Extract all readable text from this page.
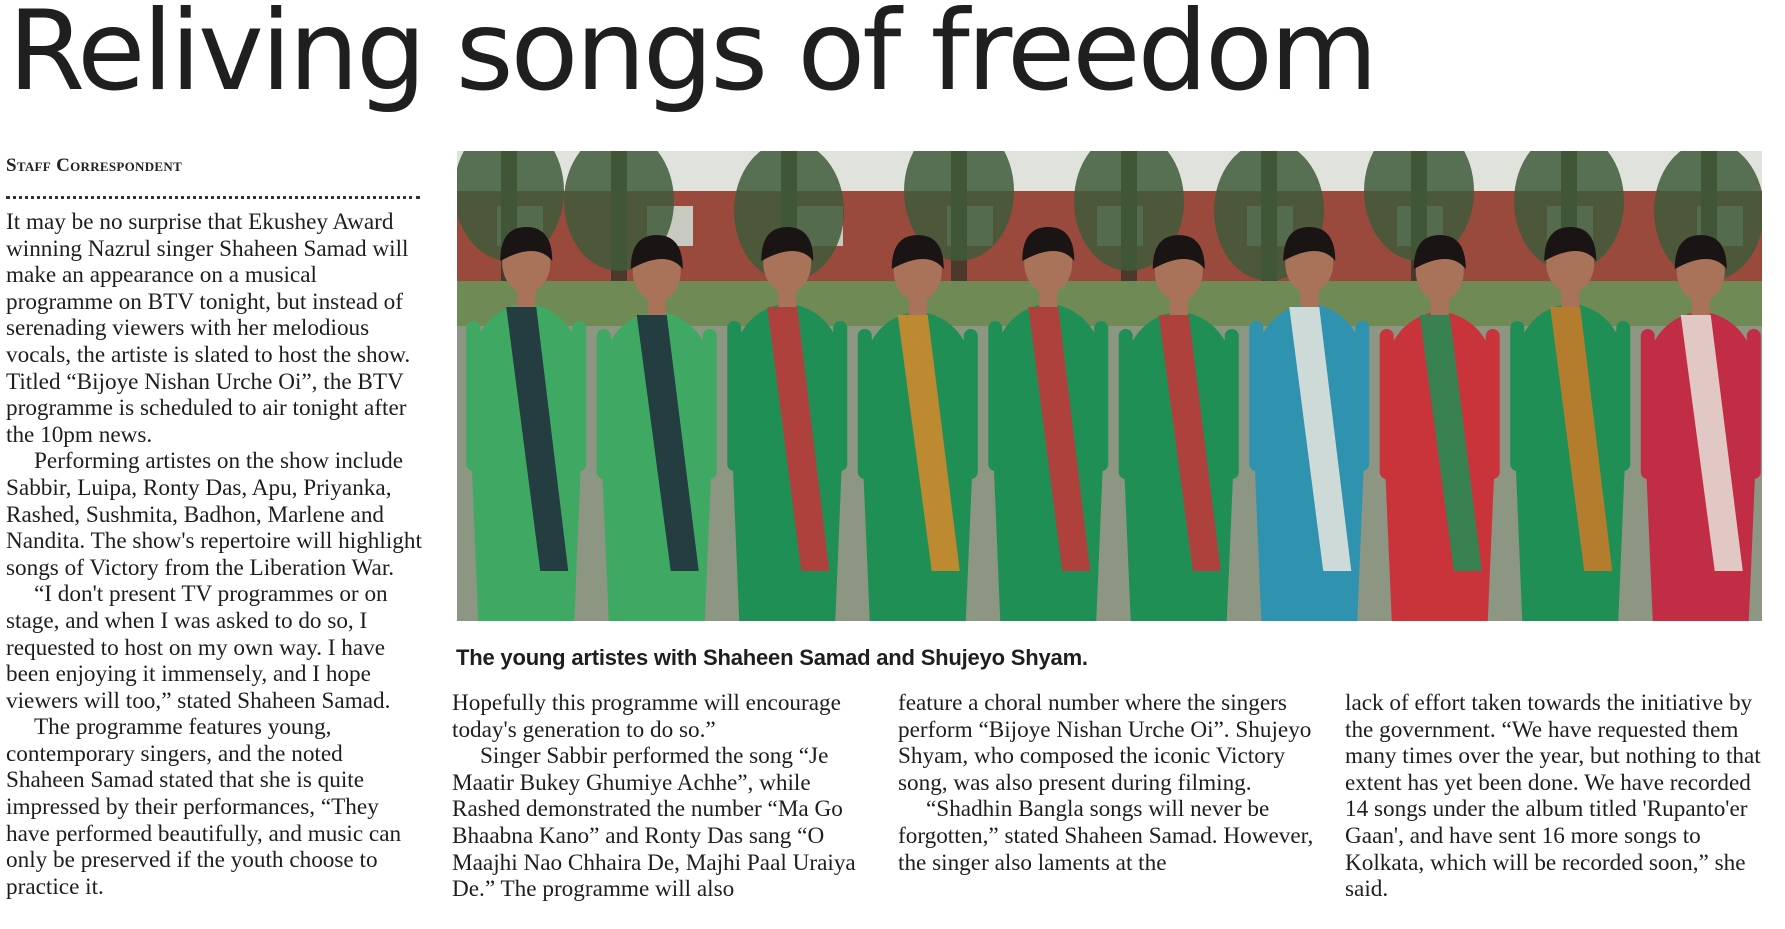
Reliving songs of freedom
Staff Correspondent

It may be no surprise that Ekushey Award winning Nazrul singer Shaheen Samad will make an appearance on a musical programme on BTV tonight, but instead of serenading viewers with her melodious vocals, the artiste is slated to host the show. Titled “Bijoye Nishan Urche Oi”, the BTV programme is scheduled to air tonight after the 10pm news.

Performing artistes on the show include Sabbir, Luipa, Ronty Das, Apu, Priyanka, Rashed, Sushmita, Badhon, Marlene and Nandita. The show's repertoire will highlight songs of Victory from the Liberation War.

“I don't present TV programmes or on stage, and when I was asked to do so, I requested to host on my own way. I have been enjoying it immensely, and I hope viewers will too,” stated Shaheen Samad.

The programme features young, contemporary singers, and the noted Shaheen Samad stated that she is quite impressed by their performances, “They have performed beautifully, and music can only be preserved if the youth choose to practice it.

The young artistes with Shaheen Samad and Shujeyo Shyam.

Hopefully this programme will encourage today's generation to do so.”

Singer Sabbir performed the song “Je Maatir Bukey Ghumiye Achhe”, while Rashed demonstrated the number “Ma Go Bhaabna Kano” and Ronty Das sang “O Maajhi Nao Chhaira De, Majhi Paal Uraiya De.” The programme will also

feature a choral number where the singers perform “Bijoye Nishan Urche Oi”. Shujeyo Shyam, who composed the iconic Victory song, was also present during filming.

“Shadhin Bangla songs will never be forgotten,” stated Shaheen Samad. However, the singer also laments at the

lack of effort taken towards the initiative by the government. “We have requested them many times over the year, but nothing to that extent has yet been done. We have recorded 14 songs under the album titled 'Rupanto'er Gaan', and have sent 16 more songs to Kolkata, which will be recorded soon,” she said.
